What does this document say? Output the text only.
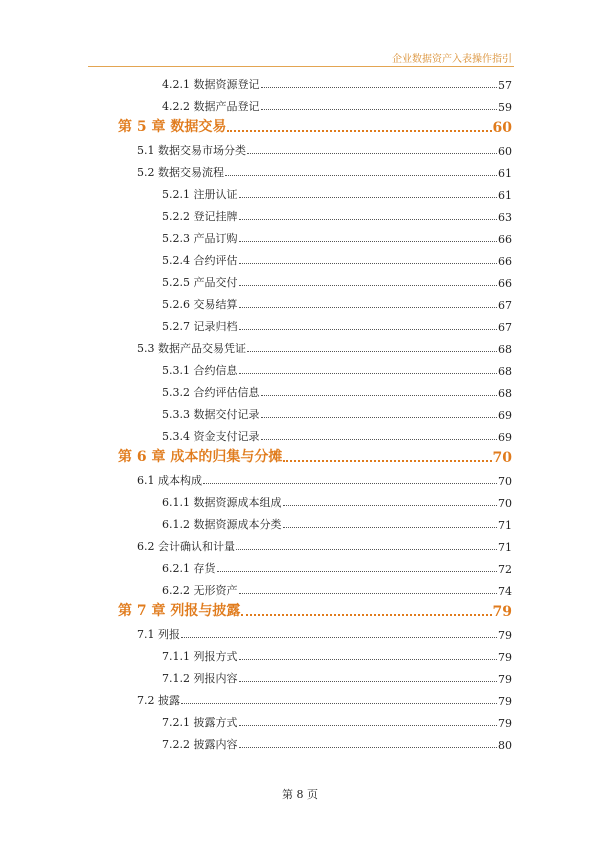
企业数据资产入表操作指引
4.2.1 数据资源登记	57
4.2.2 数据产品登记	59
第 5 章 数据交易	60
5.1 数据交易市场分类	60
5.2 数据交易流程	61
5.2.1 注册认证	61
5.2.2 登记挂牌	63
5.2.3 产品订购	66
5.2.4 合约评估	66
5.2.5 产品交付	66
5.2.6 交易结算	67
5.2.7 记录归档	67
5.3 数据产品交易凭证	68
5.3.1 合约信息	68
5.3.2 合约评估信息	68
5.3.3 数据交付记录	69
5.3.4 资金支付记录	69
第 6 章 成本的归集与分摊	70
6.1 成本构成	70
6.1.1 数据资源成本组成	70
6.1.2 数据资源成本分类	71
6.2 会计确认和计量	71
6.2.1 存货	72
6.2.2 无形资产	74
第 7 章 列报与披露	79
7.1 列报	79
7.1.1 列报方式	79
7.1.2 列报内容	79
7.2 披露	79
7.2.1 披露方式	79
7.2.2 披露内容	80
第 8 页
